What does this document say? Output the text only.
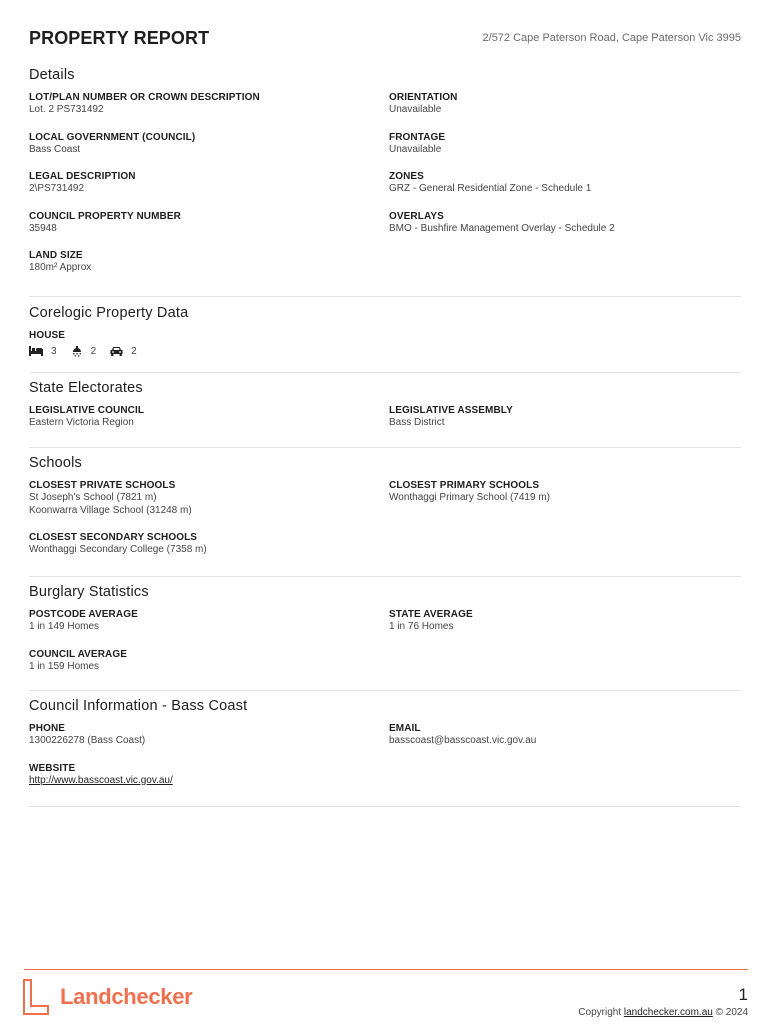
PROPERTY REPORT	2/572 Cape Paterson Road, Cape Paterson Vic 3995
Details
LOT/PLAN NUMBER OR CROWN DESCRIPTION
Lot. 2 PS731492
ORIENTATION
Unavailable
LOCAL GOVERNMENT (COUNCIL)
Bass Coast
FRONTAGE
Unavailable
LEGAL DESCRIPTION
2\PS731492
ZONES
GRZ - General Residential Zone - Schedule 1
COUNCIL PROPERTY NUMBER
35948
OVERLAYS
BMO - Bushfire Management Overlay - Schedule 2
LAND SIZE
180m² Approx
Corelogic Property Data
HOUSE
3	2	2
State Electorates
LEGISLATIVE COUNCIL
Eastern Victoria Region
LEGISLATIVE ASSEMBLY
Bass District
Schools
CLOSEST PRIVATE SCHOOLS
St Joseph's School (7821 m)
Koonwarra Village School (31248 m)
CLOSEST PRIMARY SCHOOLS
Wonthaggi Primary School (7419 m)
CLOSEST SECONDARY SCHOOLS
Wonthaggi Secondary College (7358 m)
Burglary Statistics
POSTCODE AVERAGE
1 in 149 Homes
STATE AVERAGE
1 in 76 Homes
COUNCIL AVERAGE
1 in 159 Homes
Council Information - Bass Coast
PHONE
1300226278 (Bass Coast)
EMAIL
basscoast@basscoast.vic.gov.au
WEBSITE
http://www.basscoast.vic.gov.au/
Landchecker	1
Copyright landchecker.com.au © 2024
